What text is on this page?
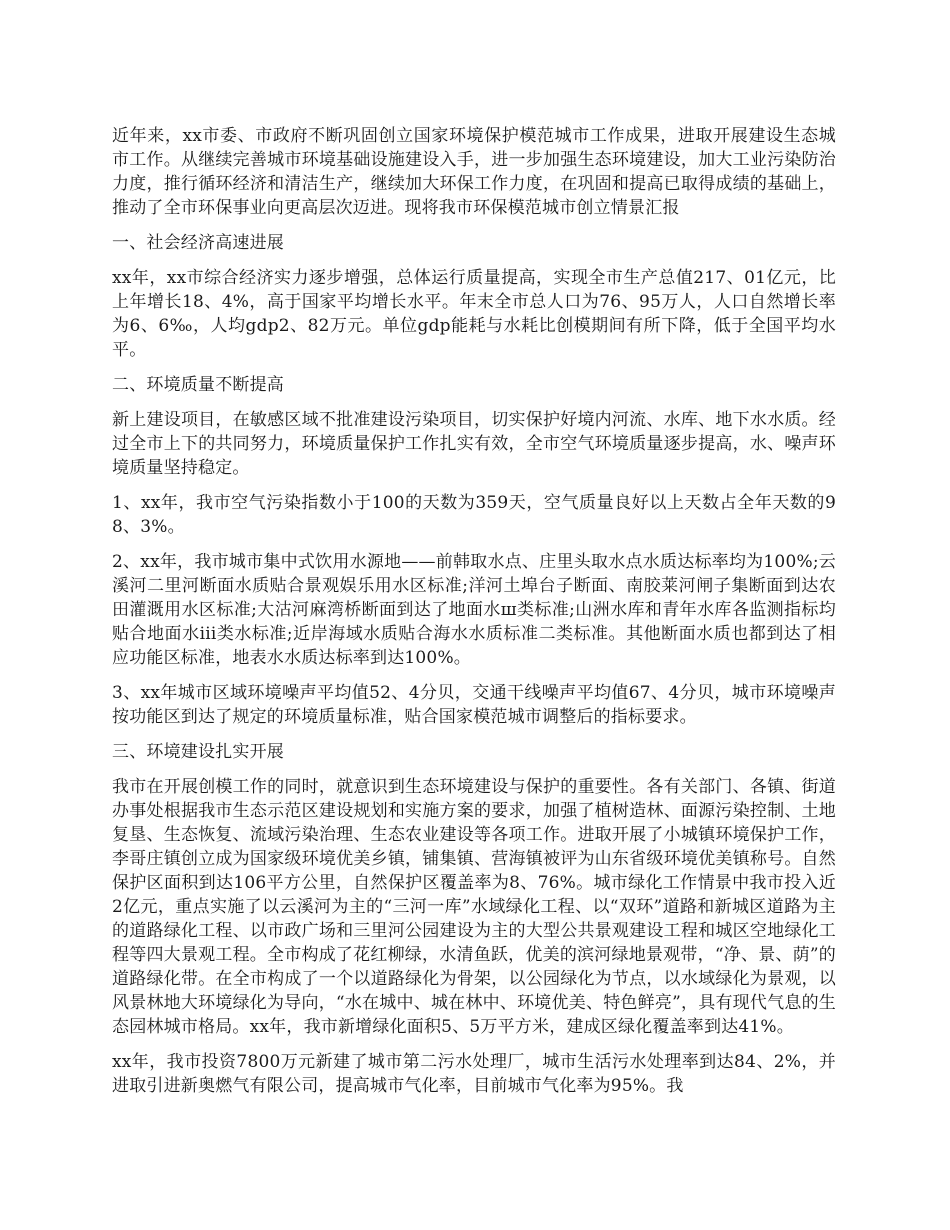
近年来，xx市委、市政府不断巩固创立国家环境保护模范城市工作成果，进取开展建设生态城市工作。从继续完善城市环境基础设施建设入手，进一步加强生态环境建设，加大工业污染防治力度，推行循环经济和清洁生产，继续加大环保工作力度，在巩固和提高已取得成绩的基础上，推动了全市环保事业向更高层次迈进。现将我市环保模范城市创立情景汇报

一、社会经济高速进展

xx年，xx市综合经济实力逐步增强，总体运行质量提高，实现全市生产总值217、01亿元，比上年增长18、4%，高于国家平均增长水平。年末全市总人口为76、95万人，人口自然增长率为6、6‰，人均gdp2、82万元。单位gdp能耗与水耗比创模期间有所下降，低于全国平均水平。

二、环境质量不断提高

新上建设项目，在敏感区域不批准建设污染项目，切实保护好境内河流、水库、地下水水质。经过全市上下的共同努力，环境质量保护工作扎实有效，全市空气环境质量逐步提高，水、噪声环境质量坚持稳定。

1、xx年，我市空气污染指数小于100的天数为359天，空气质量良好以上天数占全年天数的98、3%。

2、xx年，我市城市集中式饮用水源地——前韩取水点、庄里头取水点水质达标率均为100%;云溪河二里河断面水质贴合景观娱乐用水区标准;洋河土埠台子断面、南胶莱河闸子集断面到达农田灌溉用水区标准;大沽河麻湾桥断面到达了地面水ш类标准;山洲水库和青年水库各监测指标均贴合地面水iii类水标准;近岸海域水质贴合海水水质标准二类标准。其他断面水质也都到达了相应功能区标准，地表水水质达标率到达100%。

3、xx年城市区域环境噪声平均值52、4分贝，交通干线噪声平均值67、4分贝，城市环境噪声按功能区到达了规定的环境质量标准，贴合国家模范城市调整后的指标要求。

三、环境建设扎实开展

我市在开展创模工作的同时，就意识到生态环境建设与保护的重要性。各有关部门、各镇、街道办事处根据我市生态示范区建设规划和实施方案的要求，加强了植树造林、面源污染控制、土地复垦、生态恢复、流域污染治理、生态农业建设等各项工作。进取开展了小城镇环境保护工作，李哥庄镇创立成为国家级环境优美乡镇，铺集镇、营海镇被评为山东省级环境优美镇称号。自然保护区面积到达106平方公里，自然保护区覆盖率为8、76%。城市绿化工作情景中我市投入近2亿元，重点实施了以云溪河为主的“三河一库”水域绿化工程、以“双环”道路和新城区道路为主的道路绿化工程、以市政广场和三里河公园建设为主的大型公共景观建设工程和城区空地绿化工程等四大景观工程。全市构成了花红柳绿，水清鱼跃，优美的滨河绿地景观带，“净、景、荫”的道路绿化带。在全市构成了一个以道路绿化为骨架，以公园绿化为节点，以水域绿化为景观，以风景林地大环境绿化为导向，“水在城中、城在林中、环境优美、特色鲜亮”，具有现代气息的生态园林城市格局。xx年，我市新增绿化面积5、5万平方米，建成区绿化覆盖率到达41%。

xx年，我市投资7800万元新建了城市第二污水处理厂，城市生活污水处理率到达84、2%，并进取引进新奥燃气有限公司，提高城市气化率，目前城市气化率为95%。我
